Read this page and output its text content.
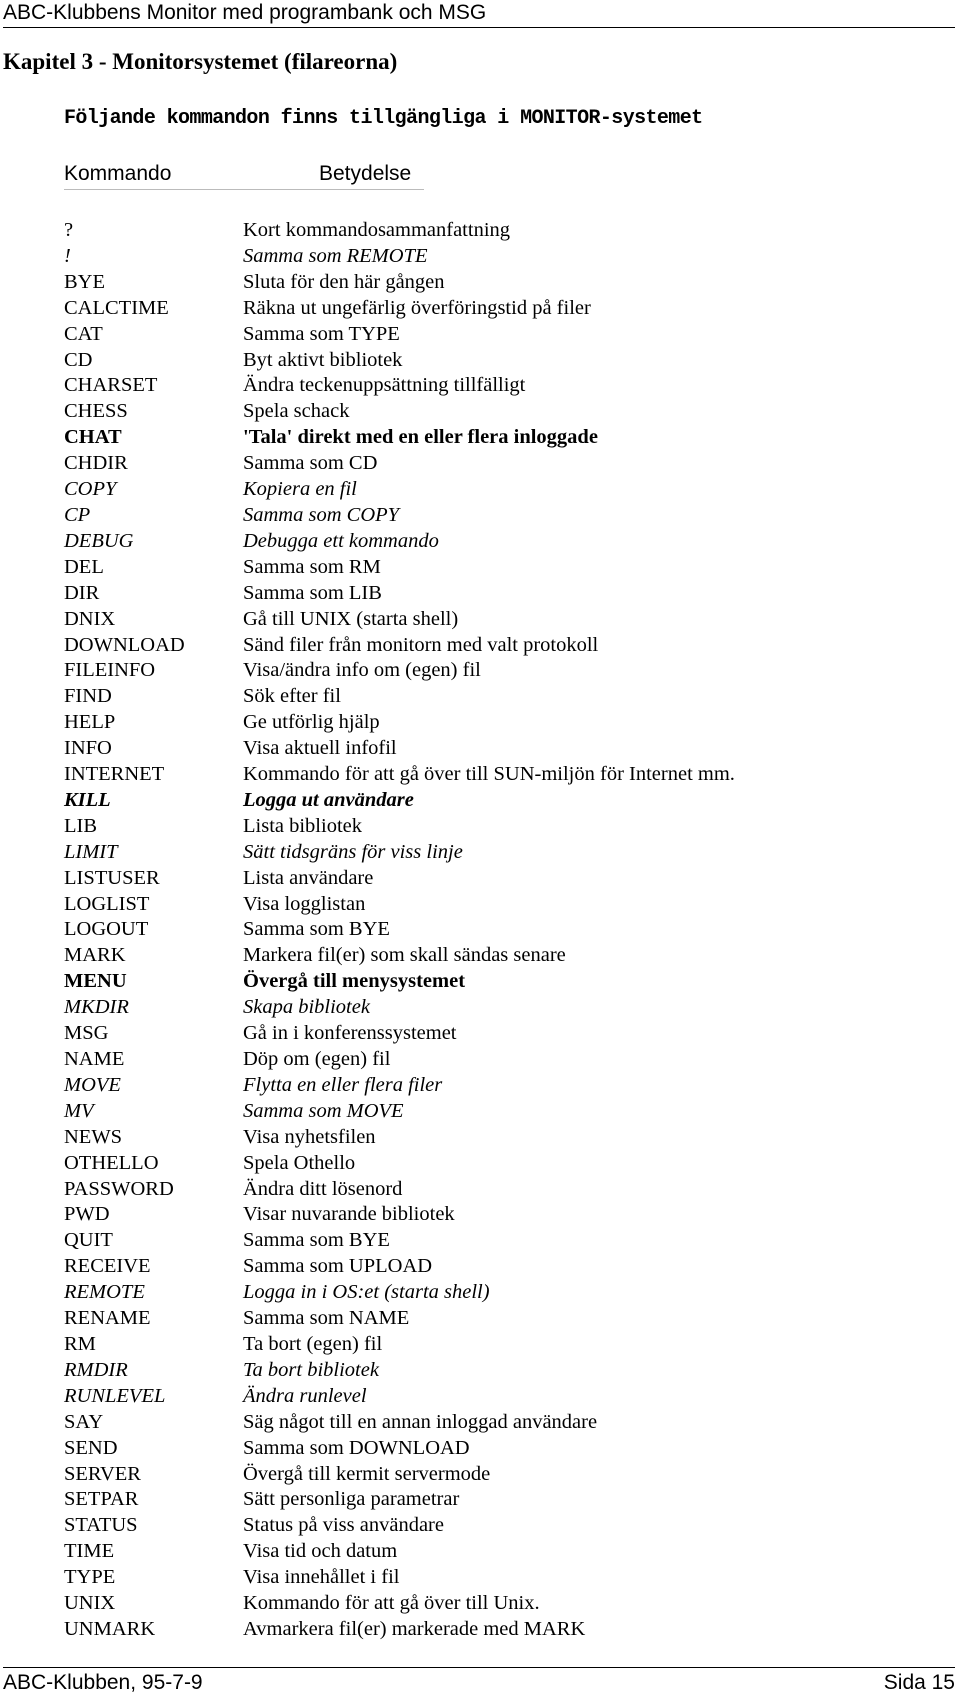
ABC-Klubbens Monitor med programbank och MSG
Kapitel 3 - Monitorsystemet (filareorna)
Följande kommandon finns tillgängliga i MONITOR-systemet
Kommando	Betydelse
?	Kort kommandosammanfattning
!	Samma som REMOTE
BYE	Sluta för den här gången
CALCTIME	Räkna ut ungefärlig överföringstid på filer
CAT	Samma som TYPE
CD	Byt aktivt bibliotek
CHARSET	Ändra teckenuppsättning tillfälligt
CHESS	Spela schack
CHAT	'Tala' direkt med en eller flera inloggade
CHDIR	Samma som CD
COPY	Kopiera en fil
CP	Samma som COPY
DEBUG	Debugga ett kommando
DEL	Samma som RM
DIR	Samma som LIB
DNIX	Gå till UNIX (starta shell)
DOWNLOAD	Sänd filer från monitorn med valt protokoll
FILEINFO	Visa/ändra info om (egen) fil
FIND	Sök efter fil
HELP	Ge utförlig hjälp
INFO	Visa aktuell infofil
INTERNET	Kommando för att gå över till SUN-miljön för Internet mm.
KILL	Logga ut användare
LIB	Lista bibliotek
LIMIT	Sätt tidsgräns för viss linje
LISTUSER	Lista användare
LOGLIST	Visa logglistan
LOGOUT	Samma som BYE
MARK	Markera fil(er) som skall sändas senare
MENU	Övergå till menysystemet
MKDIR	Skapa bibliotek
MSG	Gå in i konferenssystemet
NAME	Döp om (egen) fil
MOVE	Flytta en eller flera filer
MV	Samma som MOVE
NEWS	Visa nyhetsfilen
OTHELLO	Spela Othello
PASSWORD	Ändra ditt lösenord
PWD	Visar nuvarande bibliotek
QUIT	Samma som BYE
RECEIVE	Samma som UPLOAD
REMOTE	Logga in i OS:et (starta shell)
RENAME	Samma som NAME
RM	Ta bort (egen) fil
RMDIR	Ta bort bibliotek
RUNLEVEL	Ändra runlevel
SAY	Säg något till en annan inloggad användare
SEND	Samma som DOWNLOAD
SERVER	Övergå till kermit servermode
SETPAR	Sätt personliga parametrar
STATUS	Status på viss användare
TIME	Visa tid och datum
TYPE	Visa innehållet i fil
UNIX	Kommando för att gå över till Unix.
UNMARK	Avmarkera fil(er) markerade med MARK
ABC-Klubben, 95-7-9	Sida 15
